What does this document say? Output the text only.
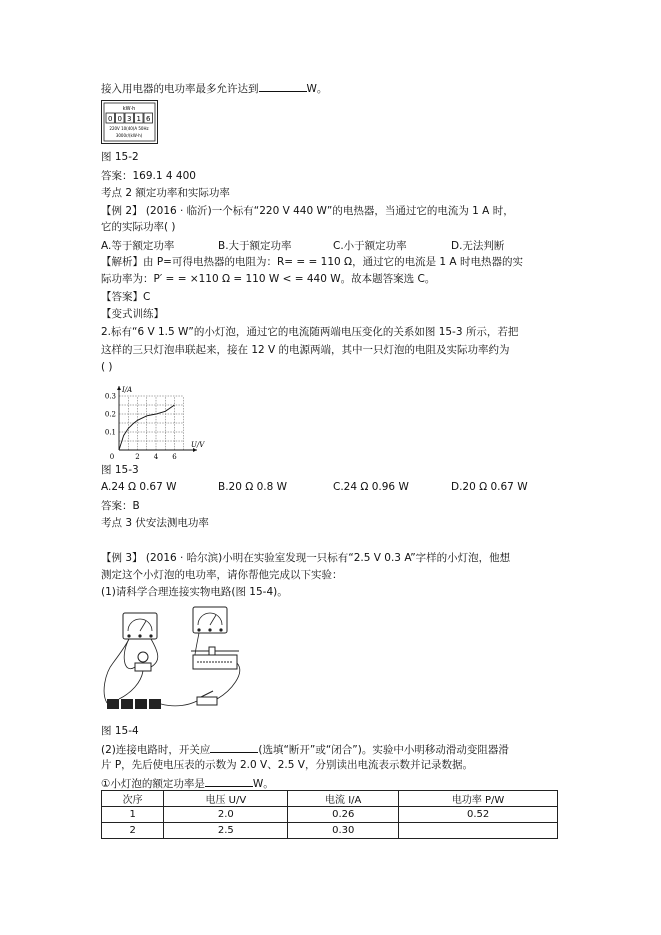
接入用电器的电功率最多允许达到	W。
kW·h
0 0 3 1 6
220V 10(40)A 50Hz
3000r/(kW·h)
图 15-2
答案：169.1 4 400
考点 2 额定功率和实际功率
【例 2】 (2016 · 临沂)一个标有“220 V 440 W”的电热器，当通过它的电流为 1 A 时，
它的实际功率( )
A.等于额定功率	B.大于额定功率	C.小于额定功率	D.无法判断
【解析】由 P=可得电热器的电阻为：R= = = 110 Ω，通过它的电流是 1 A 时电热器的实
际功率为：P′ = = ×110 Ω = 110 W < = 440 W。故本题答案选 C。
【答案】C
【变式训练】
2.标有“6 V 1.5 W”的小灯泡，通过它的电流随两端电压变化的关系如图 15-3 所示，若把
这样的三只灯泡串联起来，接在 12 V 的电源两端，其中一只灯泡的电阻及实际功率约为
( )
0	2 4 6
0.1
0.2
0.3
U/V
I/A
图 15-3
A.24 Ω 0.67 W	B.20 Ω 0.8 W	C.24 Ω 0.96 W	D.20 Ω 0.67 W
答案：B
考点 3 伏安法测电功率
【例 3】 (2016 · 哈尔滨)小明在实验室发现一只标有“2.5 V 0.3 A”字样的小灯泡，他想
测定这个小灯泡的电功率，请你帮他完成以下实验：
(1)请科学合理连接实物电路(图 15-4)。
图 15-4
(2)连接电路时，开关应	(选填“断开”或“闭合”)。实验中小明移动滑动变阻器滑
片 P，先后使电压表的示数为 2.0 V、2.5 V，分别读出电流表示数并记录数据。
①小灯泡的额定功率是	W。
次序	电压 U/V	电流 I/A	电功率 P/W
1	2.0	0.26	0.52
2	2.5	0.30	
